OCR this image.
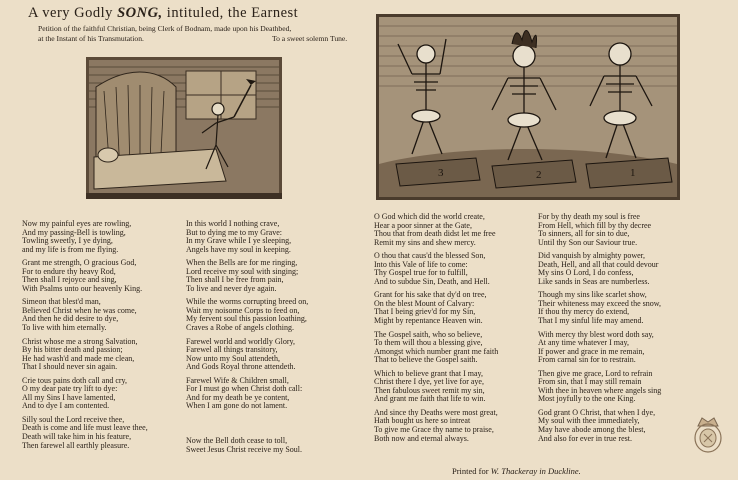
A very Godly SONG, intituled, the Earnest
Petition of the faithful Christian, being Clerk of Bodnam, made upon his Deathbed,
at the Instant of his Transmutation.	To a sweet solemn Tune.
3	2	1
Now my painful eyes are rowling,
And my passing-Bell is towling,
Towling sweetly, I ye dying,
and my life is from me flying.
Grant me strength, O gracious God,
For to endure thy heavy Rod,
Then shall I rejoyce and sing,
With Psalms unto our heavenly King.
Simeon that blest'd man,
Believed Christ when he was come,
And then he did desire to dye,
To live with him eternally.
Christ whose me a strong Salvation,
By his bitter death and passion;
He had wash'd and made me clean,
That I should never sin again.
Crie tous pains doth call and cry,
O my dear pate try lift to dye:
All my Sins I have lamented,
And to dye I am contented.
Silly soul the Lord receive thee,
Death is come and life must leave thee,
Death will take him in his feature,
Then farewel all earthly pleasure.
In this world I nothing crave,
But to dying me to my Grave:
In my Grave while I ye sleeping,
Angels have my soul in keeping.
When the Bells are for me ringing,
Lord receive my soul with singing;
Then shall I be free from pain,
To live and never dye again.
While the worms corrupting breed on,
Wait my noisome Corps to feed on,
My fervent soul this passion loathing,
Craves a Robe of angels clothing.
Farewel world and worldly Glory,
Farewel all things transitory,
Now unto my Soul attendeth,
And Gods Royal throne attendeth.
Farewel Wife & Children small,
For I must go when Christ doth call:
And for my death be ye content,
When I am gone do not lament.
O God which did the world create,
Hear a poor sinner at the Gate,
Thou that from death didst let me free
Remit my sins and shew mercy.
O thou that caus'd the blessed Son,
Into this Vale of life to come:
Thy Gospel true for to fulfill,
And to subdue Sin, Death, and Hell.
Grant for his sake that dy'd on tree,
On the blest Mount of Calvary:
That I being griev'd for my Sin,
Might by repentance Heaven win.
The Gospel saith, who so believe,
To them will thou a blessing give,
Amongst which number grant me faith
That to believe the Gospel saith.
Which to believe grant that I may,
Christ there I dye, yet live for aye,
Then fabulous sweet remit my sin,
And grant me faith that life to win.
And since thy Deaths were most great,
Hath bought us here so intreat
To give me Grace thy name to praise,
Both now and eternal always.
For by thy death my soul is free
From Hell, which fill by thy decree
To sinners, all for sin to due,
Until thy Son our Saviour true.
Did vanquish by almighty power,
Death, Hell, and all that could devour
My sins O Lord, I do confess,
Like sands in Seas are numberless.
Though my sins like scarlet show,
Their whiteness may exceed the snow,
If thou thy mercy do extend,
That I my sinful life may amend.
With mercy thy blest word doth say,
At any time whatever I may,
If power and grace in me remain,
From carnal sin for to restrain.
Then give me grace, Lord to refrain
From sin, that I may still remain
With thee in heaven where angels sing
Most joyfully to the one King.
God grant O Christ, that when I dye,
My soul with thee immediately,
May have abode among the blest,
And also for ever in true rest.
Now the Bell doth cease to toll,
Sweet Jesus Christ receive my Soul.
Printed for W. Thackeray in Duckline.
